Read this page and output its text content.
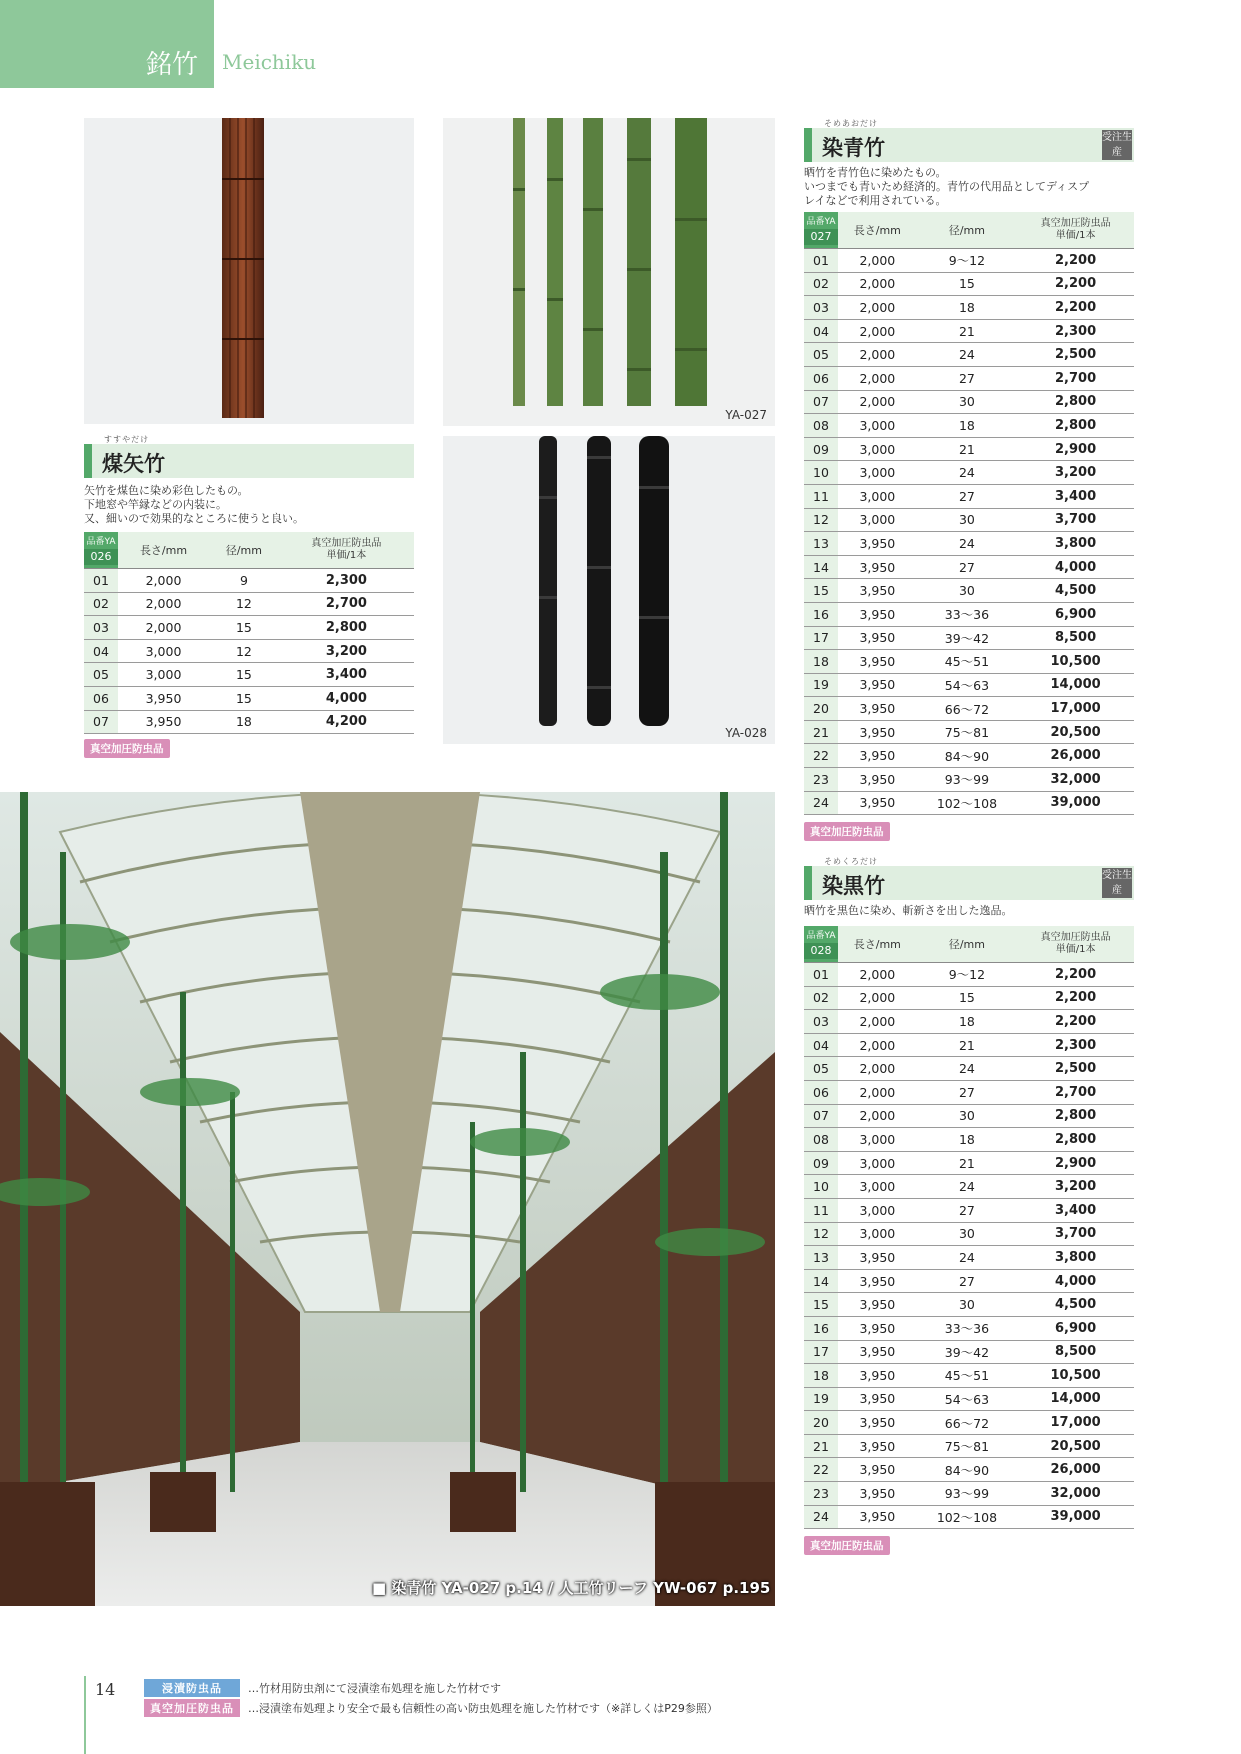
銘竹 Meichiku
YA-027
YA-028
■ 染青竹 YA-027 p.14 / 人工竹リーフ YW-067 p.195
すすやだけ
煤矢竹
矢竹を煤色に染め彩色したもの。
下地窓や竿縁などの内装に。
又、細いので効果的なところに使うと良い。
品番YA
026	長さ/mm	径/mm	真空加圧防虫品
単価/1本

01	2,000	9	2,300
02	2,000	12	2,700
03	2,000	15	2,800
04	3,000	12	3,200
05	3,000	15	3,400
06	3,950	15	4,000
07	3,950	18	4,200
真空加圧防虫品
そめあおだけ
染青竹	受注生産
晒竹を青竹色に染めたもの。
いつまでも青いため経済的。青竹の代用品としてディスプ
レイなどで利用されている。
品番YA
027	長さ/mm	径/mm	真空加圧防虫品
単価/1本

01	2,000	9〜12	2,200
02	2,000	15	2,200
03	2,000	18	2,200
04	2,000	21	2,300
05	2,000	24	2,500
06	2,000	27	2,700
07	2,000	30	2,800
08	3,000	18	2,800
09	3,000	21	2,900
10	3,000	24	3,200
11	3,000	27	3,400
12	3,000	30	3,700
13	3,950	24	3,800
14	3,950	27	4,000
15	3,950	30	4,500
16	3,950	33〜36	6,900
17	3,950	39〜42	8,500
18	3,950	45〜51	10,500
19	3,950	54〜63	14,000
20	3,950	66〜72	17,000
21	3,950	75〜81	20,500
22	3,950	84〜90	26,000
23	3,950	93〜99	32,000
24	3,950	102〜108	39,000
真空加圧防虫品
そめくろだけ
染黒竹	受注生産
晒竹を黒色に染め、斬新さを出した逸品。
品番YA
028	長さ/mm	径/mm	真空加圧防虫品
単価/1本

01	2,000	9〜12	2,200
02	2,000	15	2,200
03	2,000	18	2,200
04	2,000	21	2,300
05	2,000	24	2,500
06	2,000	27	2,700
07	2,000	30	2,800
08	3,000	18	2,800
09	3,000	21	2,900
10	3,000	24	3,200
11	3,000	27	3,400
12	3,000	30	3,700
13	3,950	24	3,800
14	3,950	27	4,000
15	3,950	30	4,500
16	3,950	33〜36	6,900
17	3,950	39〜42	8,500
18	3,950	45〜51	10,500
19	3,950	54〜63	14,000
20	3,950	66〜72	17,000
21	3,950	75〜81	20,500
22	3,950	84〜90	26,000
23	3,950	93〜99	32,000
24	3,950	102〜108	39,000
真空加圧防虫品
14	浸漬防虫品	…竹材用防虫剤にて浸漬塗布処理を施した竹材です
真空加圧防虫品	…浸漬塗布処理より安全で最も信頼性の高い防虫処理を施した竹材です（※詳しくはP29参照）
